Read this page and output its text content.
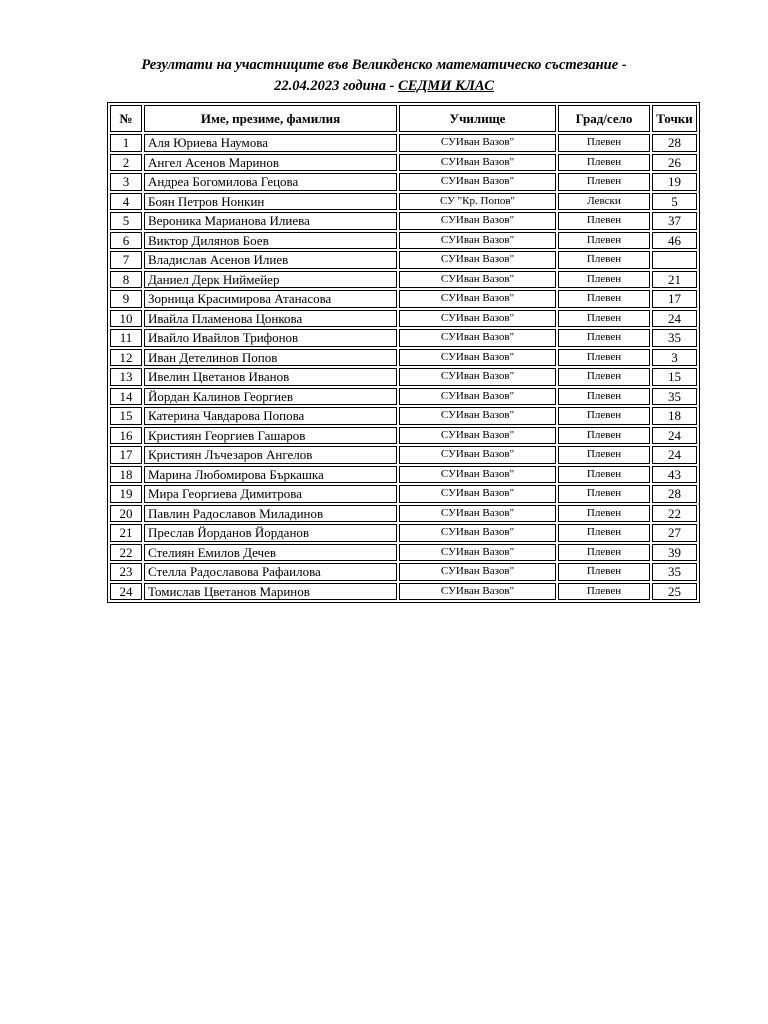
Резултати на участниците във Великденско математическо състезание -
22.04.2023 година - СЕДМИ КЛАС
№	Име, презиме, фамилия	Училище	Град/село	Точки
1	Аля Юриева Наумова	СУИван Вазов"	Плевен	28
2	Ангел Асенов Маринов	СУИван Вазов"	Плевен	26
3	Андреа Богомилова Гецова	СУИван Вазов"	Плевен	19
4	Боян Петров Нонкин	СУ "Кр. Попов"	Левски	5
5	Вероника Марианова Илиева	СУИван Вазов"	Плевен	37
6	Виктор Дилянов Боев	СУИван Вазов"	Плевен	46
7	Владислав Асенов Илиев	СУИван Вазов"	Плевен	
8	Даниел Дерк Ниймейер	СУИван Вазов"	Плевен	21
9	Зорница Красимирова Атанасова	СУИван Вазов"	Плевен	17
10	Ивайла Пламенова Цонкова	СУИван Вазов"	Плевен	24
11	Ивайло Ивайлов Трифонов	СУИван Вазов"	Плевен	35
12	Иван Детелинов Попов	СУИван Вазов"	Плевен	3
13	Ивелин Цветанов Иванов	СУИван Вазов"	Плевен	15
14	Йордан Калинов Георгиев	СУИван Вазов"	Плевен	35
15	Катерина Чавдарова Попова	СУИван Вазов"	Плевен	18
16	Кристиян Георгиев Гашаров	СУИван Вазов"	Плевен	24
17	Кристиян Лъчезаров Ангелов	СУИван Вазов"	Плевен	24
18	Марина Любомирова Бъркашка	СУИван Вазов"	Плевен	43
19	Мира Георгиева Димитрова	СУИван Вазов"	Плевен	28
20	Павлин Радославов Миладинов	СУИван Вазов"	Плевен	22
21	Преслав Йорданов Йорданов	СУИван Вазов"	Плевен	27
22	Стелиян Емилов Дечев	СУИван Вазов"	Плевен	39
23	Стелла Радославова Рафаилова	СУИван Вазов"	Плевен	35
24	Томислав Цветанов Маринов	СУИван Вазов"	Плевен	25
